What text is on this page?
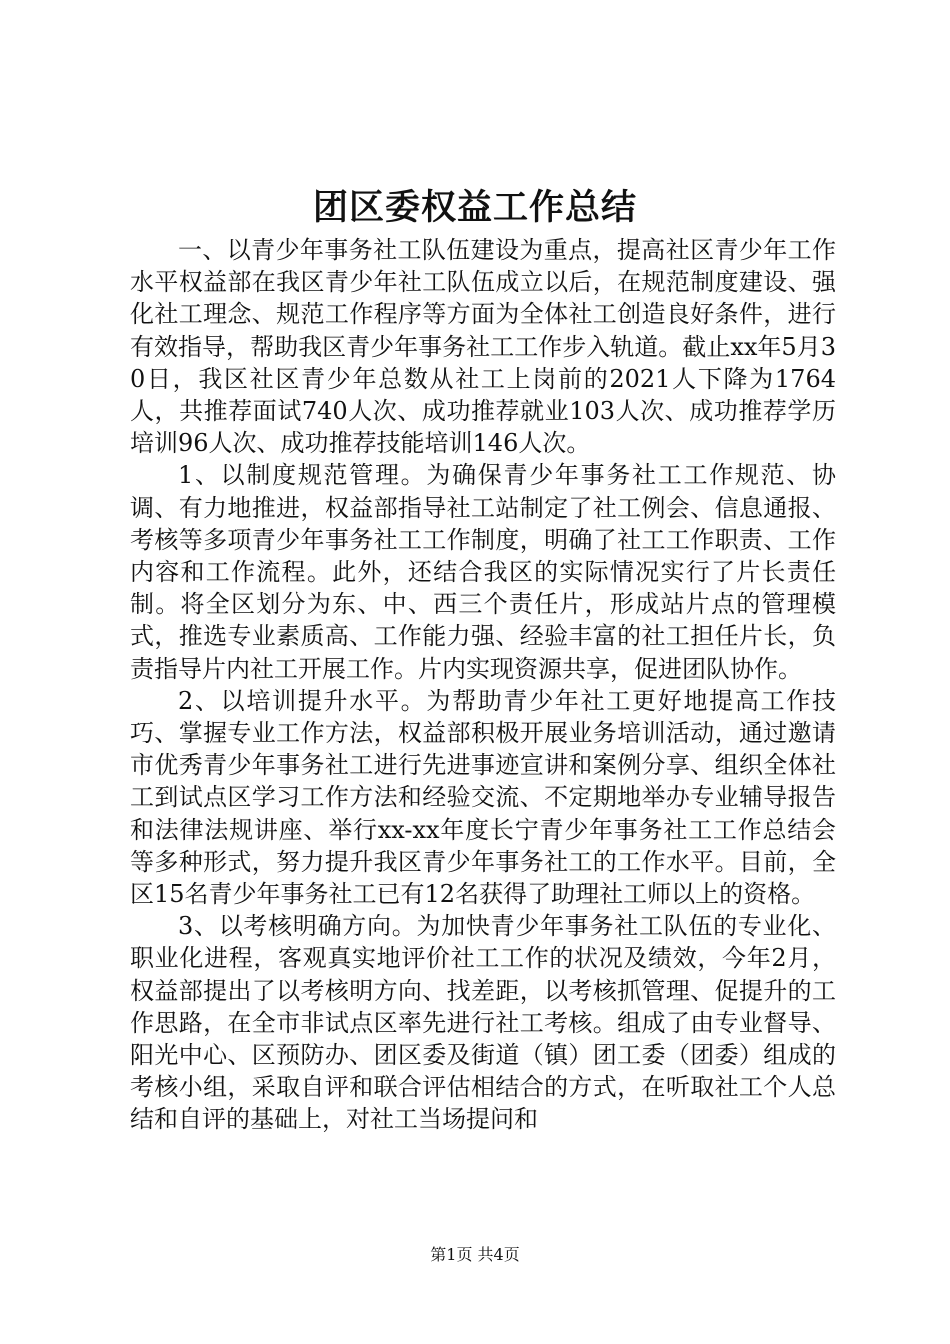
团区委权益工作总结

一、以青少年事务社工队伍建设为重点，提高社区青少年工作水平权益部在我区青少年社工队伍成立以后，在规范制度建设、强化社工理念、规范工作程序等方面为全体社工创造良好条件，进行有效指导，帮助我区青少年事务社工工作步入轨道。截止xx年5月30日，我区社区青少年总数从社工上岗前的2021人下降为1764人，共推荐面试740人次、成功推荐就业103人次、成功推荐学历培训96人次、成功推荐技能培训146人次。

1、以制度规范管理。为确保青少年事务社工工作规范、协调、有力地推进，权益部指导社工站制定了社工例会、信息通报、考核等多项青少年事务社工工作制度，明确了社工工作职责、工作内容和工作流程。此外，还结合我区的实际情况实行了片长责任制。将全区划分为东、中、西三个责任片，形成站片点的管理模式，推选专业素质高、工作能力强、经验丰富的社工担任片长，负责指导片内社工开展工作。片内实现资源共享，促进团队协作。

2、以培训提升水平。为帮助青少年社工更好地提高工作技巧、掌握专业工作方法，权益部积极开展业务培训活动，通过邀请市优秀青少年事务社工进行先进事迹宣讲和案例分享、组织全体社工到试点区学习工作方法和经验交流、不定期地举办专业辅导报告和法律法规讲座、举行xx-xx年度长宁青少年事务社工工作总结会等多种形式，努力提升我区青少年事务社工的工作水平。目前，全区15名青少年事务社工已有12名获得了助理社工师以上的资格。

3、以考核明确方向。为加快青少年事务社工队伍的专业化、职业化进程，客观真实地评价社工工作的状况及绩效，今年2月，权益部提出了以考核明方向、找差距，以考核抓管理、促提升的工作思路，在全市非试点区率先进行社工考核。组成了由专业督导、阳光中心、区预防办、团区委及街道（镇）团工委（团委）组成的考核小组，采取自评和联合评估相结合的方式，在听取社工个人总结和自评的基础上，对社工当场提问和

第1页 共4页
